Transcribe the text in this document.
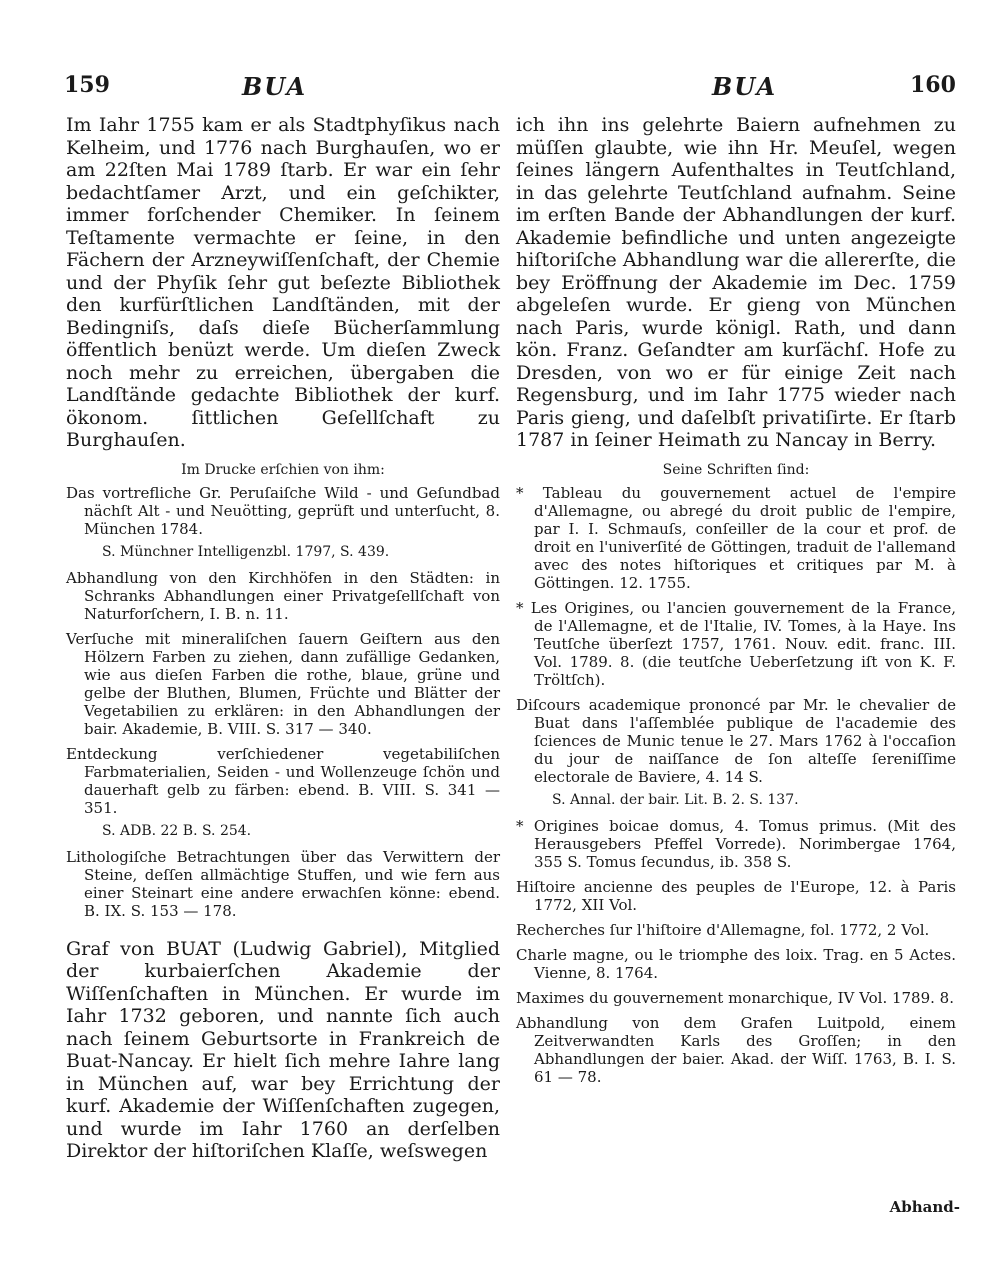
159	BUA	BUA	160

Im Iahr 1755 kam er als Stadtphyſikus nach Kelheim, und 1776 nach Burghauſen, wo er am 22ſten Mai 1789 ſtarb. Er war ein ſehr bedachtſamer Arzt, und ein geſchikter, immer forſchender Chemiker. In ſeinem Teſtamente vermachte er ſeine, in den Fächern der Arzneywiſſenſchaft, der Chemie und der Phyſik ſehr gut beſezte Bibliothek den kurfürſtlichen Landſtänden, mit der Bedingniſs, daſs dieſe Bücherſammlung öffentlich benüzt werde. Um dieſen Zweck noch mehr zu erreichen, übergaben die Landſtände gedachte Bibliothek der kurf. ökonom. ſittlichen Geſellſchaft zu Burghauſen.

Im Drucke erſchien von ihm:

Das vortrefliche Gr. Peruſaiſche Wild - und Geſundbad nächſt Alt - und Neuötting, geprüft und unterſucht, 8. München 1784.

S. Münchner Intelligenzbl. 1797, S. 439.

Abhandlung von den Kirchhöfen in den Städten: in Schranks Abhandlungen einer Privatgeſellſchaft von Naturforſchern, I. B. n. 11.

Verſuche mit mineraliſchen ſauern Geiſtern aus den Hölzern Farben zu ziehen, dann zufällige Gedanken, wie aus dieſen Farben die rothe, blaue, grüne und gelbe der Bluthen, Blumen, Früchte und Blätter der Vegetabilien zu erklären: in den Abhandlungen der bair. Akademie, B. VIII. S. 317 — 340.

Entdeckung verſchiedener vegetabiliſchen Farbmaterialien, Seiden - und Wollenzeuge ſchön und dauerhaft gelb zu färben: ebend. B. VIII. S. 341 — 351.

S. ADB. 22 B. S. 254.

Lithologiſche Betrachtungen über das Verwittern der Steine, deſſen allmächtige Stuffen, und wie fern aus einer Steinart eine andere erwachſen könne: ebend. B. IX. S. 153 — 178.

Graf von BUAT (Ludwig Gabriel), Mitglied der kurbaierſchen Akademie der Wiſſenſchaften in München. Er wurde im Iahr 1732 geboren, und nannte ſich auch nach ſeinem Geburtsorte in Frankreich de Buat-Nancay. Er hielt ſich mehre Iahre lang in München auf, war bey Errichtung der kurf. Akademie der Wiſſenſchaften zugegen, und wurde im Iahr 1760 an derſelben Direktor der hiſtoriſchen Klaſſe, weſswegen

ich ihn ins gelehrte Baiern aufnehmen zu müſſen glaubte, wie ihn Hr. Meuſel, wegen ſeines längern Aufenthaltes in Teutſchland, in das gelehrte Teutſchland aufnahm. Seine im erſten Bande der Abhandlungen der kurf. Akademie befindliche und unten angezeigte hiſtoriſche Abhandlung war die allererſte, die bey Eröffnung der Akademie im Dec. 1759 abgeleſen wurde. Er gieng von München nach Paris, wurde königl. Rath, und dann kön. Franz. Geſandter am kurſächſ. Hofe zu Dresden, von wo er für einige Zeit nach Regensburg, und im Iahr 1775 wieder nach Paris gieng, und daſelbſt privatiſirte. Er ſtarb 1787 in ſeiner Heimath zu Nancay in Berry.

Seine Schriften ſind:

* Tableau du gouvernement actuel de l'empire d'Allemagne, ou abregé du droit public de l'empire, par I. I. Schmauſs, conſeiller de la cour et prof. de droit en l'univerſité de Göttingen, traduit de l'allemand avec des notes hiſtoriques et critiques par M. à Göttingen. 12. 1755.

* Les Origines, ou l'ancien gouvernement de la France, de l'Allemagne, et de l'Italie, IV. Tomes, à la Haye. Ins Teutſche überſezt 1757, 1761. Nouv. edit. franc. III. Vol. 1789. 8. (die teutſche Ueberſetzung iſt von K. F. Tröltſch).

Diſcours academique prononcé par Mr. le chevalier de Buat dans l'aſſemblée publique de l'academie des ſciences de Munic tenue le 27. Mars 1762 à l'occaſion du jour de naiſſance de ſon alteſſe ſereniſſime electorale de Baviere, 4. 14 S.

S. Annal. der bair. Lit. B. 2. S. 137.

* Origines boicae domus, 4. Tomus primus. (Mit des Herausgebers Pfeffel Vorrede). Norimbergae 1764, 355 S. Tomus ſecundus, ib. 358 S.

Hiſtoire ancienne des peuples de l'Europe, 12. à Paris 1772, XII Vol.

Recherches ſur l'hiſtoire d'Allemagne, fol. 1772, 2 Vol.

Charle magne, ou le triomphe des loix. Trag. en 5 Actes. Vienne, 8. 1764.

Maximes du gouvernement monarchique, IV Vol. 1789. 8.

Abhandlung von dem Grafen Luitpold, einem Zeitverwandten Karls des Groſſen; in den Abhandlungen der baier. Akad. der Wiſſ. 1763, B. I. S. 61 — 78.

Abhand-
